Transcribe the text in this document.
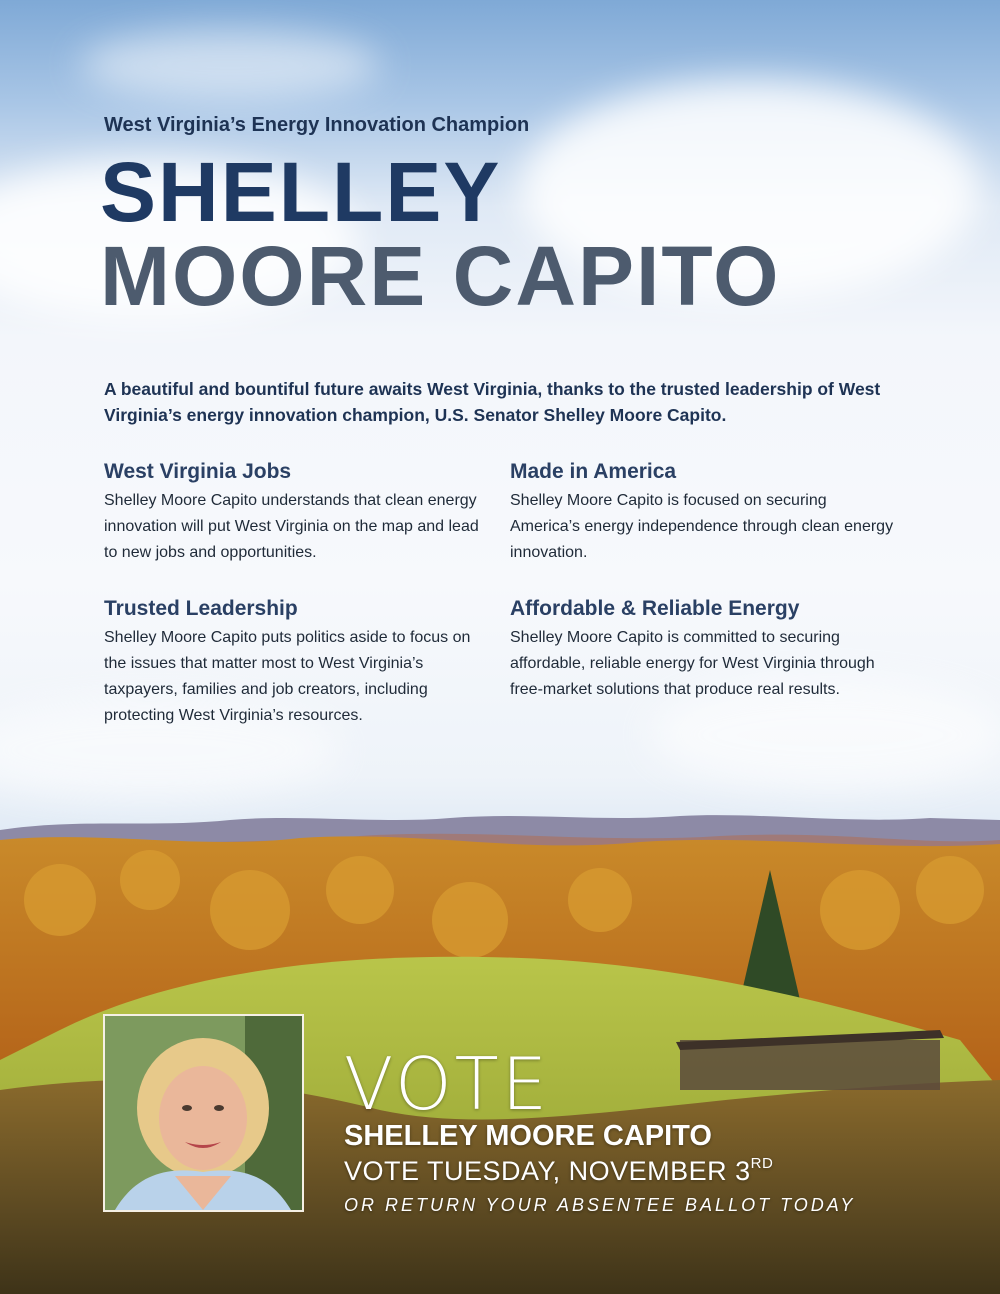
West Virginia’s Energy Innovation Champion
SHELLEY
MOORE CAPITO
A beautiful and bountiful future awaits West Virginia, thanks to the trusted leadership of West Virginia’s energy innovation champion, U.S. Senator Shelley Moore Capito.
West Virginia Jobs

Shelley Moore Capito understands that clean energy innovation will put West Virginia on the map and lead to new jobs and opportunities.

Made in America

Shelley Moore Capito is focused on securing America’s energy independence through clean energy innovation.

Trusted Leadership

Shelley Moore Capito puts politics aside to focus on the issues that matter most to West Virginia’s taxpayers, families and job creators, including protecting West Virginia’s resources.

Affordable & Reliable Energy

Shelley Moore Capito is committed to securing affordable, reliable energy for West Virginia through free-market solutions that produce real results.

VOTE
SHELLEY MOORE CAPITO
VOTE TUESDAY, NOVEMBER 3RD
OR RETURN YOUR ABSENTEE BALLOT TODAY
